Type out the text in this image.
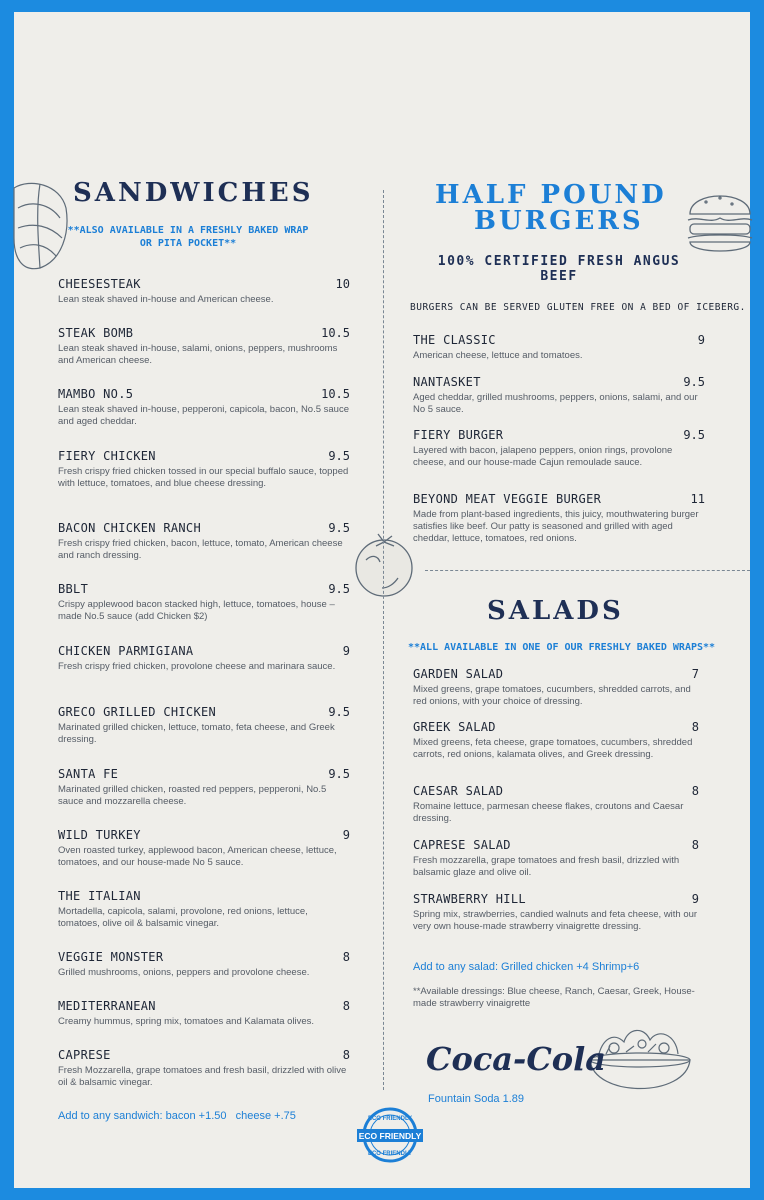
ECO FRIENDLY
ECO FRIENDLY
ECO FRIENDLY
SANDWICHES
**ALSO AVAILABLE IN A FRESHLY BAKED WRAP OR PITA POCKET**
CHEESESTEAK	10
Lean steak shaved in-house and American cheese.
STEAK BOMB	10.5
Lean steak shaved in-house, salami, onions, peppers, mushrooms and American cheese.
MAMBO NO.5	10.5
Lean steak shaved in-house, pepperoni, capicola, bacon, No.5 sauce and aged cheddar.
FIERY CHICKEN	9.5
Fresh crispy fried chicken tossed in our special buffalo sauce, topped with lettuce, tomatoes, and blue cheese dressing.
BACON CHICKEN RANCH	9.5
Fresh crispy fried chicken, bacon, lettuce, tomato, American cheese and ranch dressing.
BBLT	9.5
Crispy applewood bacon stacked high, lettuce, tomatoes, house –made No.5 sauce (add Chicken $2)
CHICKEN PARMIGIANA	9
Fresh crispy fried chicken, provolone cheese and marinara sauce.
GRECO GRILLED CHICKEN	9.5
Marinated grilled chicken, lettuce, tomato, feta cheese, and Greek dressing.
SANTA FE	9.5
Marinated grilled chicken, roasted red peppers, pepperoni, No.5 sauce and mozzarella cheese.
WILD TURKEY	9
Oven roasted turkey, applewood bacon, American cheese, lettuce, tomatoes, and our house-made No 5 sauce.
THE ITALIAN
Mortadella, capicola, salami, provolone, red onions, lettuce, tomatoes, olive oil & balsamic vinegar.
VEGGIE MONSTER	8
Grilled mushrooms, onions, peppers and provolone cheese.
MEDITERRANEAN	8
Creamy hummus, spring mix, tomatoes and Kalamata olives.
CAPRESE	8
Fresh Mozzarella, grape tomatoes and fresh basil, drizzled with olive oil & balsamic vinegar.
Add to any sandwich: bacon +1.50   cheese +.75
HALF POUND
BURGERS
100% CERTIFIED FRESH ANGUS BEEF
BURGERS CAN BE SERVED GLUTEN FREE ON A BED OF ICEBERG.
THE CLASSIC	9
American cheese, lettuce and tomatoes.
NANTASKET	9.5
Aged cheddar, grilled mushrooms, peppers, onions, salami, and our No 5 sauce.
FIERY BURGER	9.5
Layered with bacon, jalapeno peppers, onion rings, provolone cheese, and our house-made Cajun remoulade sauce.
BEYOND MEAT VEGGIE BURGER	11
Made from plant-based ingredients, this juicy, mouthwatering burger satisfies like beef. Our patty is seasoned and grilled with aged cheddar, lettuce, tomatoes, red onions.
SALADS
**ALL AVAILABLE IN ONE OF OUR FRESHLY BAKED WRAPS**
GARDEN SALAD	7
Mixed greens, grape tomatoes, cucumbers, shredded carrots, and red onions, with your choice of dressing.
GREEK SALAD	8
Mixed greens, feta cheese, grape tomatoes, cucumbers, shredded carrots, red onions, kalamata olives, and Greek dressing.
CAESAR SALAD	8
Romaine lettuce, parmesan cheese flakes, croutons and Caesar dressing.
CAPRESE SALAD	8
Fresh mozzarella, grape tomatoes and fresh basil, drizzled with balsamic glaze and olive oil.
STRAWBERRY HILL	9
Spring mix, strawberries, candied walnuts and feta cheese, with our very own house-made strawberry vinaigrette dressing.
Add to any salad: Grilled chicken +4 Shrimp+6
**Available dressings: Blue cheese, Ranch, Caesar, Greek, House-made strawberry vinaigrette
Coca-Cola
Fountain Soda 1.89
